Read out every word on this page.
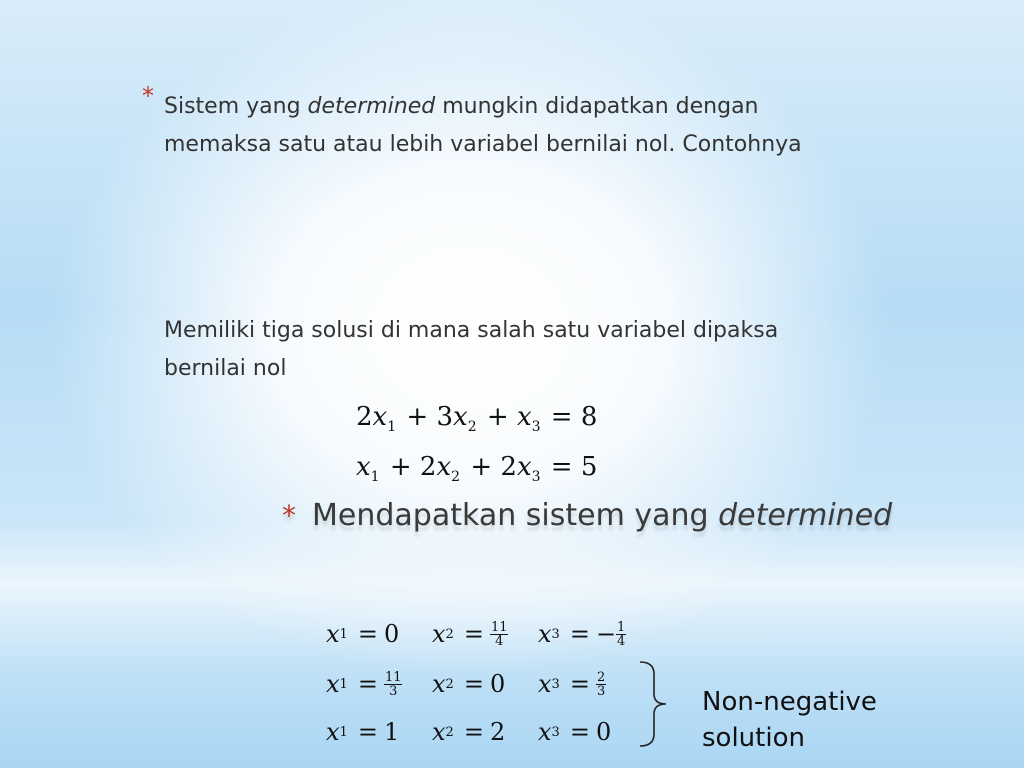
* Sistem yang determined mungkin didapatkan dengan memaksa satu atau lebih variabel bernilai nol. Contohnya
Memiliki tiga solusi di mana salah satu variabel dipaksa bernilai nol
$2x_1 + 3x_2 + x_3 = 8$
$x_1 + 2x_2 + 2x_3 = 5$
* Mendapatkan sistem yang determined
x 1 = 0 x $2 = \frac{11}{4}$ x 3 = − $\frac{1}{4}$
x $1 = \frac{11}{3}$ x 2 = 0 x $3 = \frac{2}{3}$
x 1 = 1 x 2 = 2 x 3 = 0
Non-negative
solution
